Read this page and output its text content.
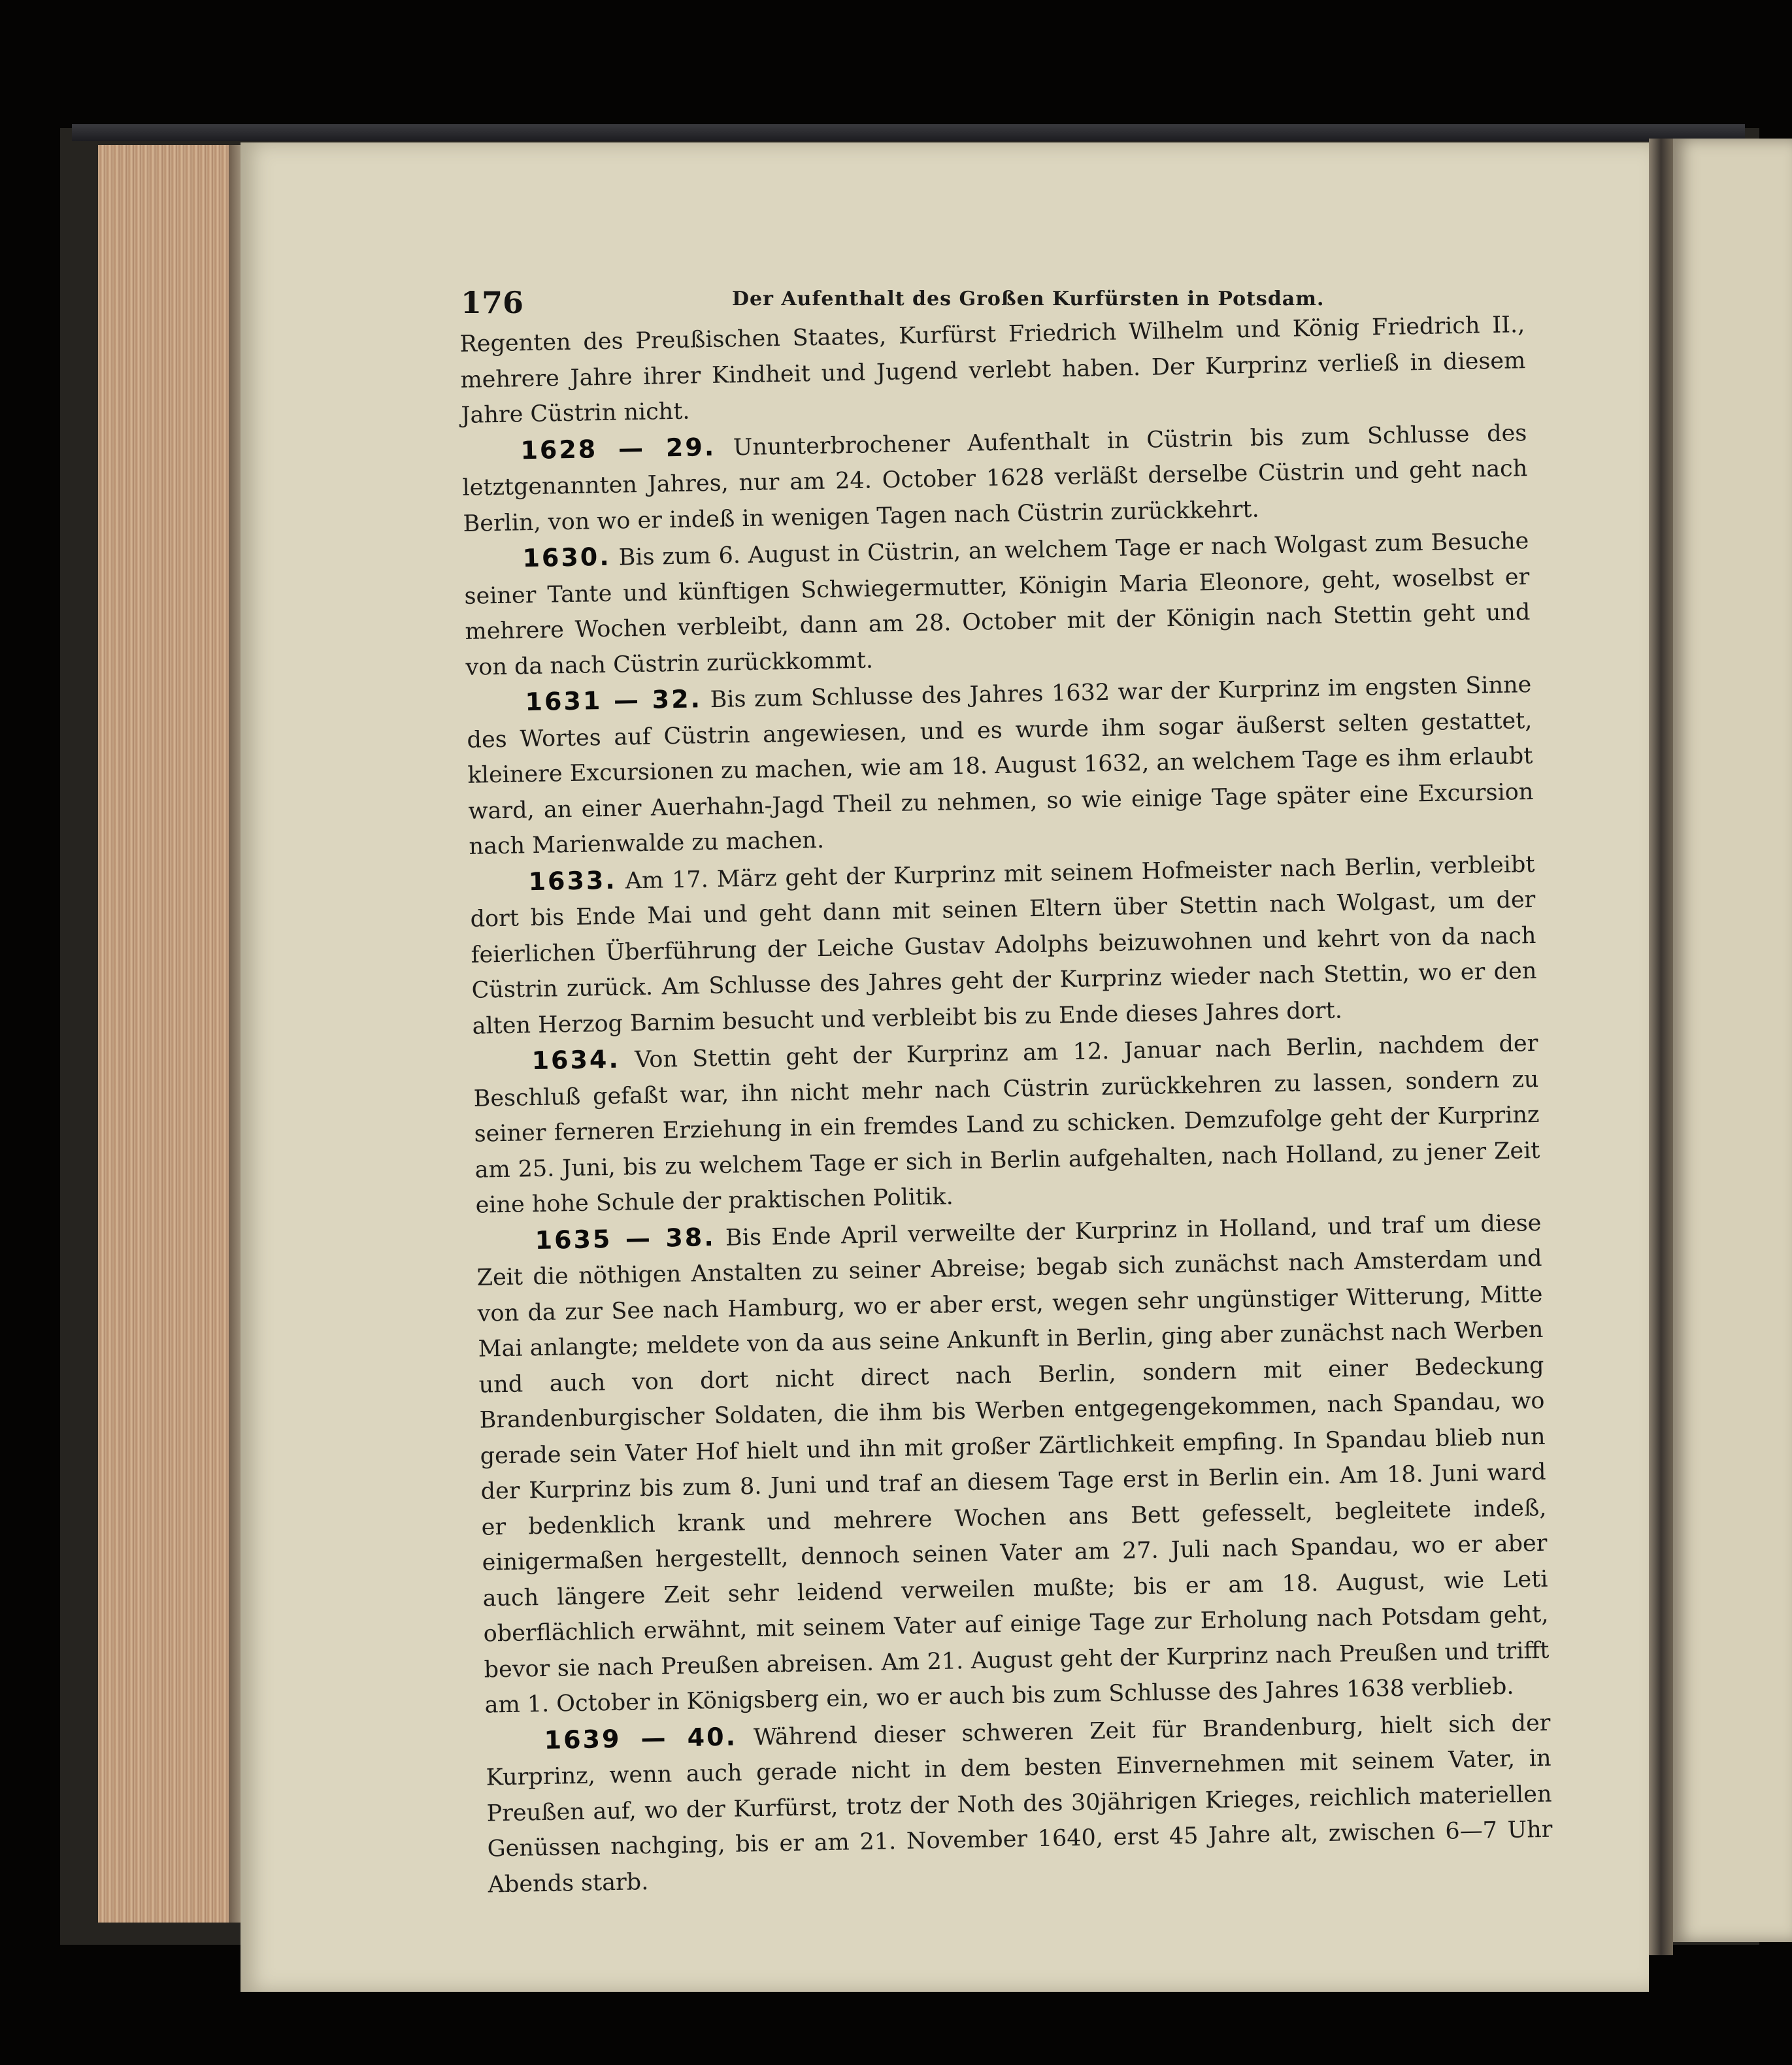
176	Der Aufenthalt des Großen Kurfürsten in Potsdam.

Regenten des Preußischen Staates, Kurfürst Friedrich Wilhelm und König Friedrich II., mehrere Jahre ihrer Kindheit und Jugend verlebt haben. Der Kurprinz verließ in diesem Jahre Cüstrin nicht.

1628 — 29. Ununterbrochener Aufenthalt in Cüstrin bis zum Schlusse des letztgenannten Jahres, nur am 24. October 1628 verläßt derselbe Cüstrin und geht nach Berlin, von wo er indeß in wenigen Tagen nach Cüstrin zurückkehrt.

1630. Bis zum 6. August in Cüstrin, an welchem Tage er nach Wolgast zum Besuche seiner Tante und künftigen Schwiegermutter, Königin Maria Eleonore, geht, woselbst er mehrere Wochen verbleibt, dann am 28. October mit der Königin nach Stettin geht und von da nach Cüstrin zurückkommt.

1631 — 32. Bis zum Schlusse des Jahres 1632 war der Kurprinz im engsten Sinne des Wortes auf Cüstrin angewiesen, und es wurde ihm sogar äußerst selten gestattet, kleinere Excursionen zu machen, wie am 18. August 1632, an welchem Tage es ihm erlaubt ward, an einer Auerhahn-Jagd Theil zu nehmen, so wie einige Tage später eine Excursion nach Marienwalde zu machen.

1633. Am 17. März geht der Kurprinz mit seinem Hofmeister nach Berlin, verbleibt dort bis Ende Mai und geht dann mit seinen Eltern über Stettin nach Wolgast, um der feierlichen Überführung der Leiche Gustav Adolphs beizuwohnen und kehrt von da nach Cüstrin zurück. Am Schlusse des Jahres geht der Kurprinz wieder nach Stettin, wo er den alten Herzog Barnim besucht und verbleibt bis zu Ende dieses Jahres dort.

1634. Von Stettin geht der Kurprinz am 12. Januar nach Berlin, nachdem der Beschluß gefaßt war, ihn nicht mehr nach Cüstrin zurückkehren zu lassen, sondern zu seiner ferneren Erziehung in ein fremdes Land zu schicken. Demzufolge geht der Kurprinz am 25. Juni, bis zu welchem Tage er sich in Berlin aufgehalten, nach Holland, zu jener Zeit eine hohe Schule der praktischen Politik.

1635 — 38. Bis Ende April verweilte der Kurprinz in Holland, und traf um diese Zeit die nöthigen Anstalten zu seiner Abreise; begab sich zunächst nach Amsterdam und von da zur See nach Hamburg, wo er aber erst, wegen sehr ungünstiger Witterung, Mitte Mai anlangte; meldete von da aus seine Ankunft in Berlin, ging aber zunächst nach Werben und auch von dort nicht direct nach Berlin, sondern mit einer Bedeckung Brandenburgischer Soldaten, die ihm bis Werben entgegengekommen, nach Spandau, wo gerade sein Vater Hof hielt und ihn mit großer Zärtlichkeit empfing. In Spandau blieb nun der Kurprinz bis zum 8. Juni und traf an diesem Tage erst in Berlin ein. Am 18. Juni ward er bedenklich krank und mehrere Wochen ans Bett gefesselt, begleitete indeß, einigermaßen hergestellt, dennoch seinen Vater am 27. Juli nach Spandau, wo er aber auch längere Zeit sehr leidend verweilen mußte; bis er am 18. August, wie Leti oberflächlich erwähnt, mit seinem Vater auf einige Tage zur Erholung nach Potsdam geht, bevor sie nach Preußen abreisen. Am 21. August geht der Kurprinz nach Preußen und trifft am 1. October in Königsberg ein, wo er auch bis zum Schlusse des Jahres 1638 verblieb.

1639 — 40. Während dieser schweren Zeit für Brandenburg, hielt sich der Kurprinz, wenn auch gerade nicht in dem besten Einvernehmen mit seinem Vater, in Preußen auf, wo der Kurfürst, trotz der Noth des 30jährigen Krieges, reichlich materiellen Genüssen nachging, bis er am 21. November 1640, erst 45 Jahre alt, zwischen 6—7 Uhr Abends starb.
